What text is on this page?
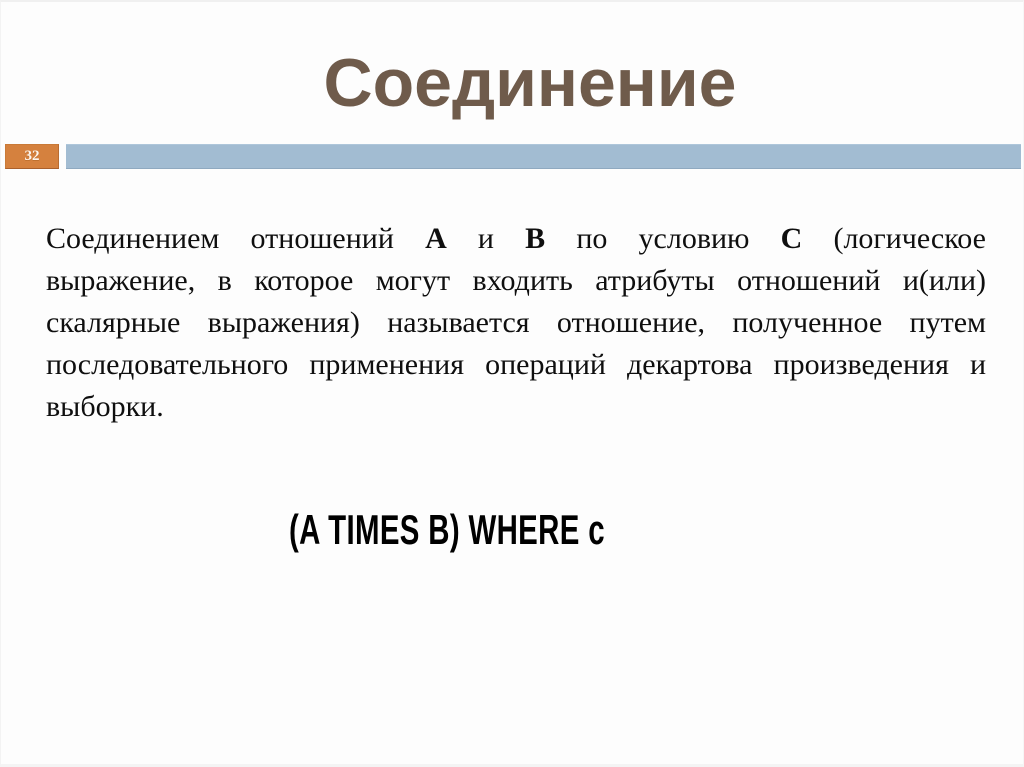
Соединение
32

Соединением отношений A и B по условию C (логическое выражение, в которое могут входить атрибуты отношений и(или) скалярные выражения) называется отношение, полученное путем последовательного применения операций декартова произведения и выборки.

(A TIMES B) WHERE c
